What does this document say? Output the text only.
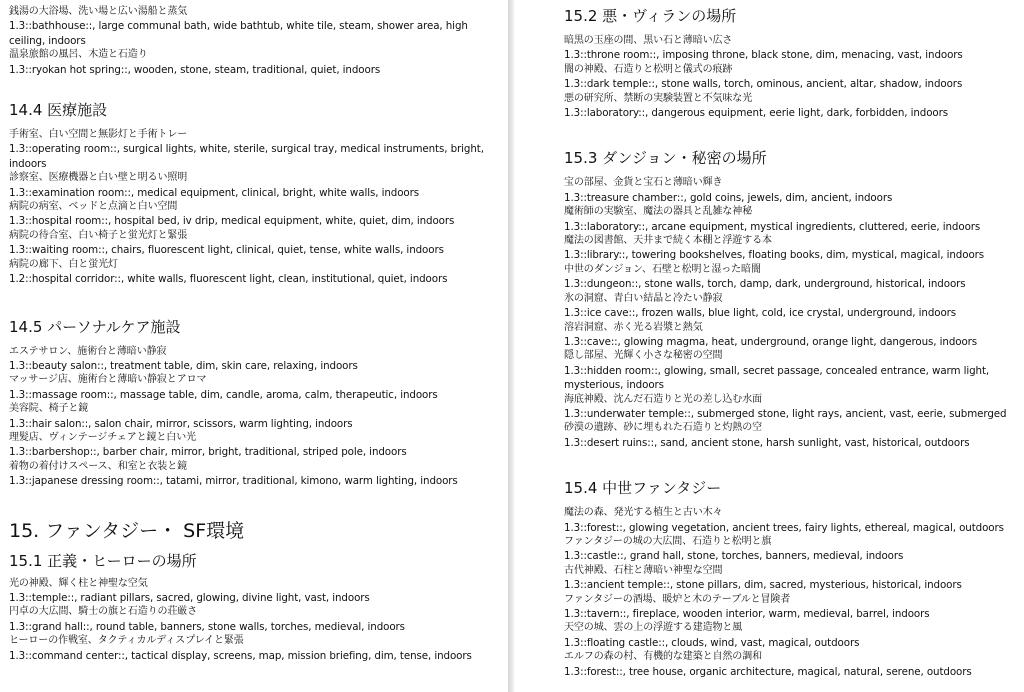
銭湯の大浴場、洗い場と広い湯船と蒸気
1.3::bathhouse::, large communal bath, wide bathtub, white tile, steam, shower area, high ceiling, indoors
温泉旅館の風呂、木造と石造り
1.3::ryokan hot spring::, wooden, stone, steam, traditional, quiet, indoors
14.4 医療施設
手術室、白い空間と無影灯と手術トレー
1.3::operating room::, surgical lights, white, sterile, surgical tray, medical instruments, bright, indoors
診察室、医療機器と白い壁と明るい照明
1.3::examination room::, medical equipment, clinical, bright, white walls, indoors
病院の病室、ベッドと点滴と白い空間
1.3::hospital room::, hospital bed, iv drip, medical equipment, white, quiet, dim, indoors
病院の待合室、白い椅子と蛍光灯と緊張
1.3::waiting room::, chairs, fluorescent light, clinical, quiet, tense, white walls, indoors
病院の廊下、白と蛍光灯
1.2::hospital corridor::, white walls, fluorescent light, clean, institutional, quiet, indoors
14.5 パーソナルケア施設
エステサロン、施術台と薄暗い静寂
1.3::beauty salon::, treatment table, dim, skin care, relaxing, indoors
マッサージ店、施術台と薄暗い静寂とアロマ
1.3::massage room::, massage table, dim, candle, aroma, calm, therapeutic, indoors
美容院、椅子と鏡
1.3::hair salon::, salon chair, mirror, scissors, warm lighting, indoors
理髪店、ヴィンテージチェアと鏡と白い光
1.3::barbershop::, barber chair, mirror, bright, traditional, striped pole, indoors
着物の着付けスペース、和室と衣装と鏡
1.3::japanese dressing room::, tatami, mirror, traditional, kimono, warm lighting, indoors
15. ファンタジー・ SF環境
15.1 正義・ヒーローの場所
光の神殿、輝く柱と神聖な空気
1.3::temple::, radiant pillars, sacred, glowing, divine light, vast, indoors
円卓の大広間、騎士の旗と石造りの荘厳さ
1.3::grand hall::, round table, banners, stone walls, torches, medieval, indoors
ヒーローの作戦室、タクティカルディスプレイと緊張
1.3::command center::, tactical display, screens, map, mission briefing, dim, tense, indoors
15.2 悪・ヴィランの場所
暗黒の玉座の間、黒い石と薄暗い広さ
1.3::throne room::, imposing throne, black stone, dim, menacing, vast, indoors
闇の神殿、石造りと松明と儀式の痕跡
1.3::dark temple::, stone walls, torch, ominous, ancient, altar, shadow, indoors
悪の研究所、禁断の実験装置と不気味な光
1.3::laboratory::, dangerous equipment, eerie light, dark, forbidden, indoors
15.3 ダンジョン・秘密の場所
宝の部屋、金貨と宝石と薄暗い輝き
1.3::treasure chamber::, gold coins, jewels, dim, ancient, indoors
魔術師の実験室、魔法の器具と乱雑な神秘
1.3::laboratory::, arcane equipment, mystical ingredients, cluttered, eerie, indoors
魔法の図書館、天井まで続く本棚と浮遊する本
1.3::library::, towering bookshelves, floating books, dim, mystical, magical, indoors
中世のダンジョン、石壁と松明と湿った暗闇
1.3::dungeon::, stone walls, torch, damp, dark, underground, historical, indoors
氷の洞窟、青白い結晶と冷たい静寂
1.3::ice cave::, frozen walls, blue light, cold, ice crystal, underground, indoors
溶岩洞窟、赤く光る岩漿と熱気
1.3::cave::, glowing magma, heat, underground, orange light, dangerous, indoors
隠し部屋、光輝く小さな秘密の空間
1.3::hidden room::, glowing, small, secret passage, concealed entrance, warm light, mysterious, indoors
海底神殿、沈んだ石造りと光の差し込む水面
1.3::underwater temple::, submerged stone, light rays, ancient, vast, eerie, submerged
砂漠の遺跡、砂に埋もれた石造りと灼熱の空
1.3::desert ruins::, sand, ancient stone, harsh sunlight, vast, historical, outdoors
15.4 中世ファンタジー
魔法の森、発光する植生と古い木々
1.3::forest::, glowing vegetation, ancient trees, fairy lights, ethereal, magical, outdoors
ファンタジーの城の大広間、石造りと松明と旗
1.3::castle::, grand hall, stone, torches, banners, medieval, indoors
古代神殿、石柱と薄暗い神聖な空間
1.3::ancient temple::, stone pillars, dim, sacred, mysterious, historical, indoors
ファンタジーの酒場、暖炉と木のテーブルと冒険者
1.3::tavern::, fireplace, wooden interior, warm, medieval, barrel, indoors
天空の城、雲の上の浮遊する建造物と風
1.3::floating castle::, clouds, wind, vast, magical, outdoors
エルフの森の村、有機的な建築と自然の調和
1.3::forest::, tree house, organic architecture, magical, natural, serene, outdoors
